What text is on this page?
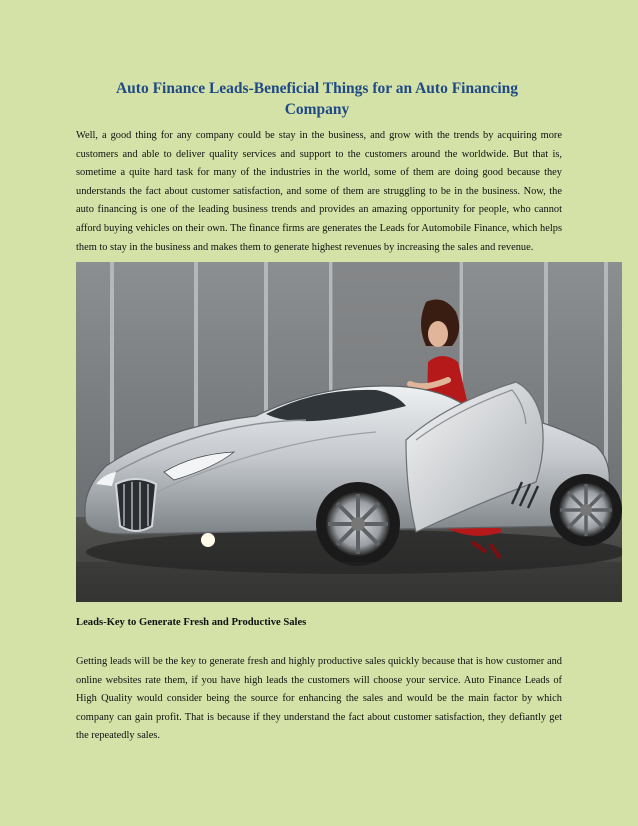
Auto Finance Leads-Beneficial Things for an Auto Financing Company
Well, a good thing for any company could be stay in the business, and grow with the trends by acquiring more customers and able to deliver quality services and support to the customers around the worldwide. But that is, sometime a quite hard task for many of the industries in the world, some of them are doing good because they understands the fact about customer satisfaction, and some of them are struggling to be in the business. Now, the auto financing is one of the leading business trends and provides an amazing opportunity for people, who cannot afford buying vehicles on their own. The finance firms are generates the Leads for Automobile Finance, which helps them to stay in the business and makes them to generate highest revenues by increasing the sales and revenue.
Leads-Key to Generate Fresh and Productive Sales
Getting leads will be the key to generate fresh and highly productive sales quickly because that is how customer and online websites rate them, if you have high leads the customers will choose your service. Auto Finance Leads of High Quality would consider being the source for enhancing the sales and would be the main factor by which company can gain profit. That is because if they understand the fact about customer satisfaction, they defiantly get the repeatedly sales.
